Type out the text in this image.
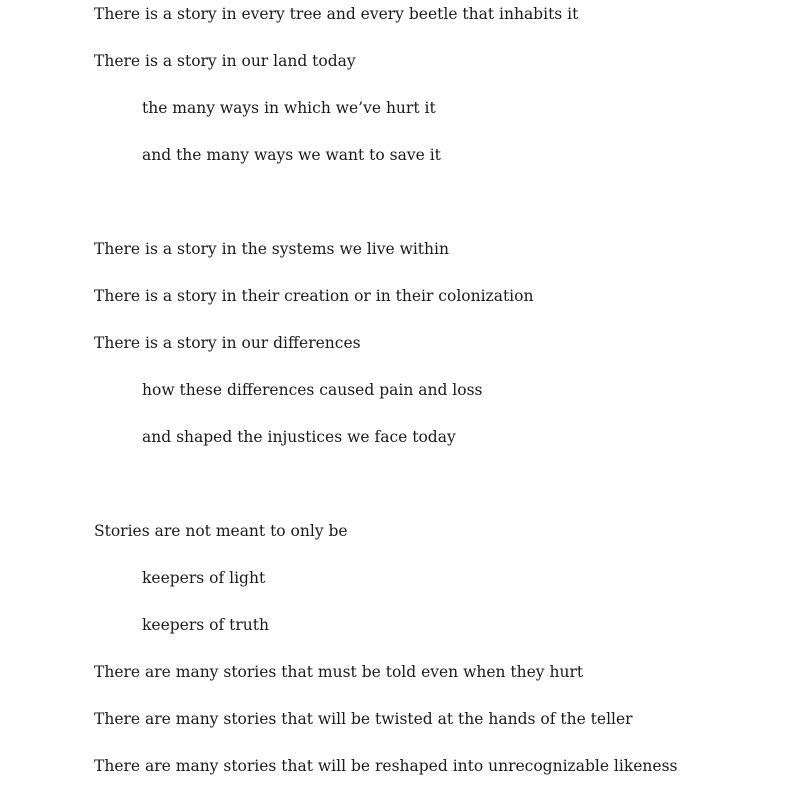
There is a story in every tree and every beetle that inhabits it
There is a story in our land today
the many ways in which we’ve hurt it
and the many ways we want to save it
There is a story in the systems we live within
There is a story in their creation or in their colonization
There is a story in our differences
how these differences caused pain and loss
and shaped the injustices we face today
Stories are not meant to only be
keepers of light
keepers of truth
There are many stories that must be told even when they hurt
There are many stories that will be twisted at the hands of the teller
There are many stories that will be reshaped into unrecognizable likeness
